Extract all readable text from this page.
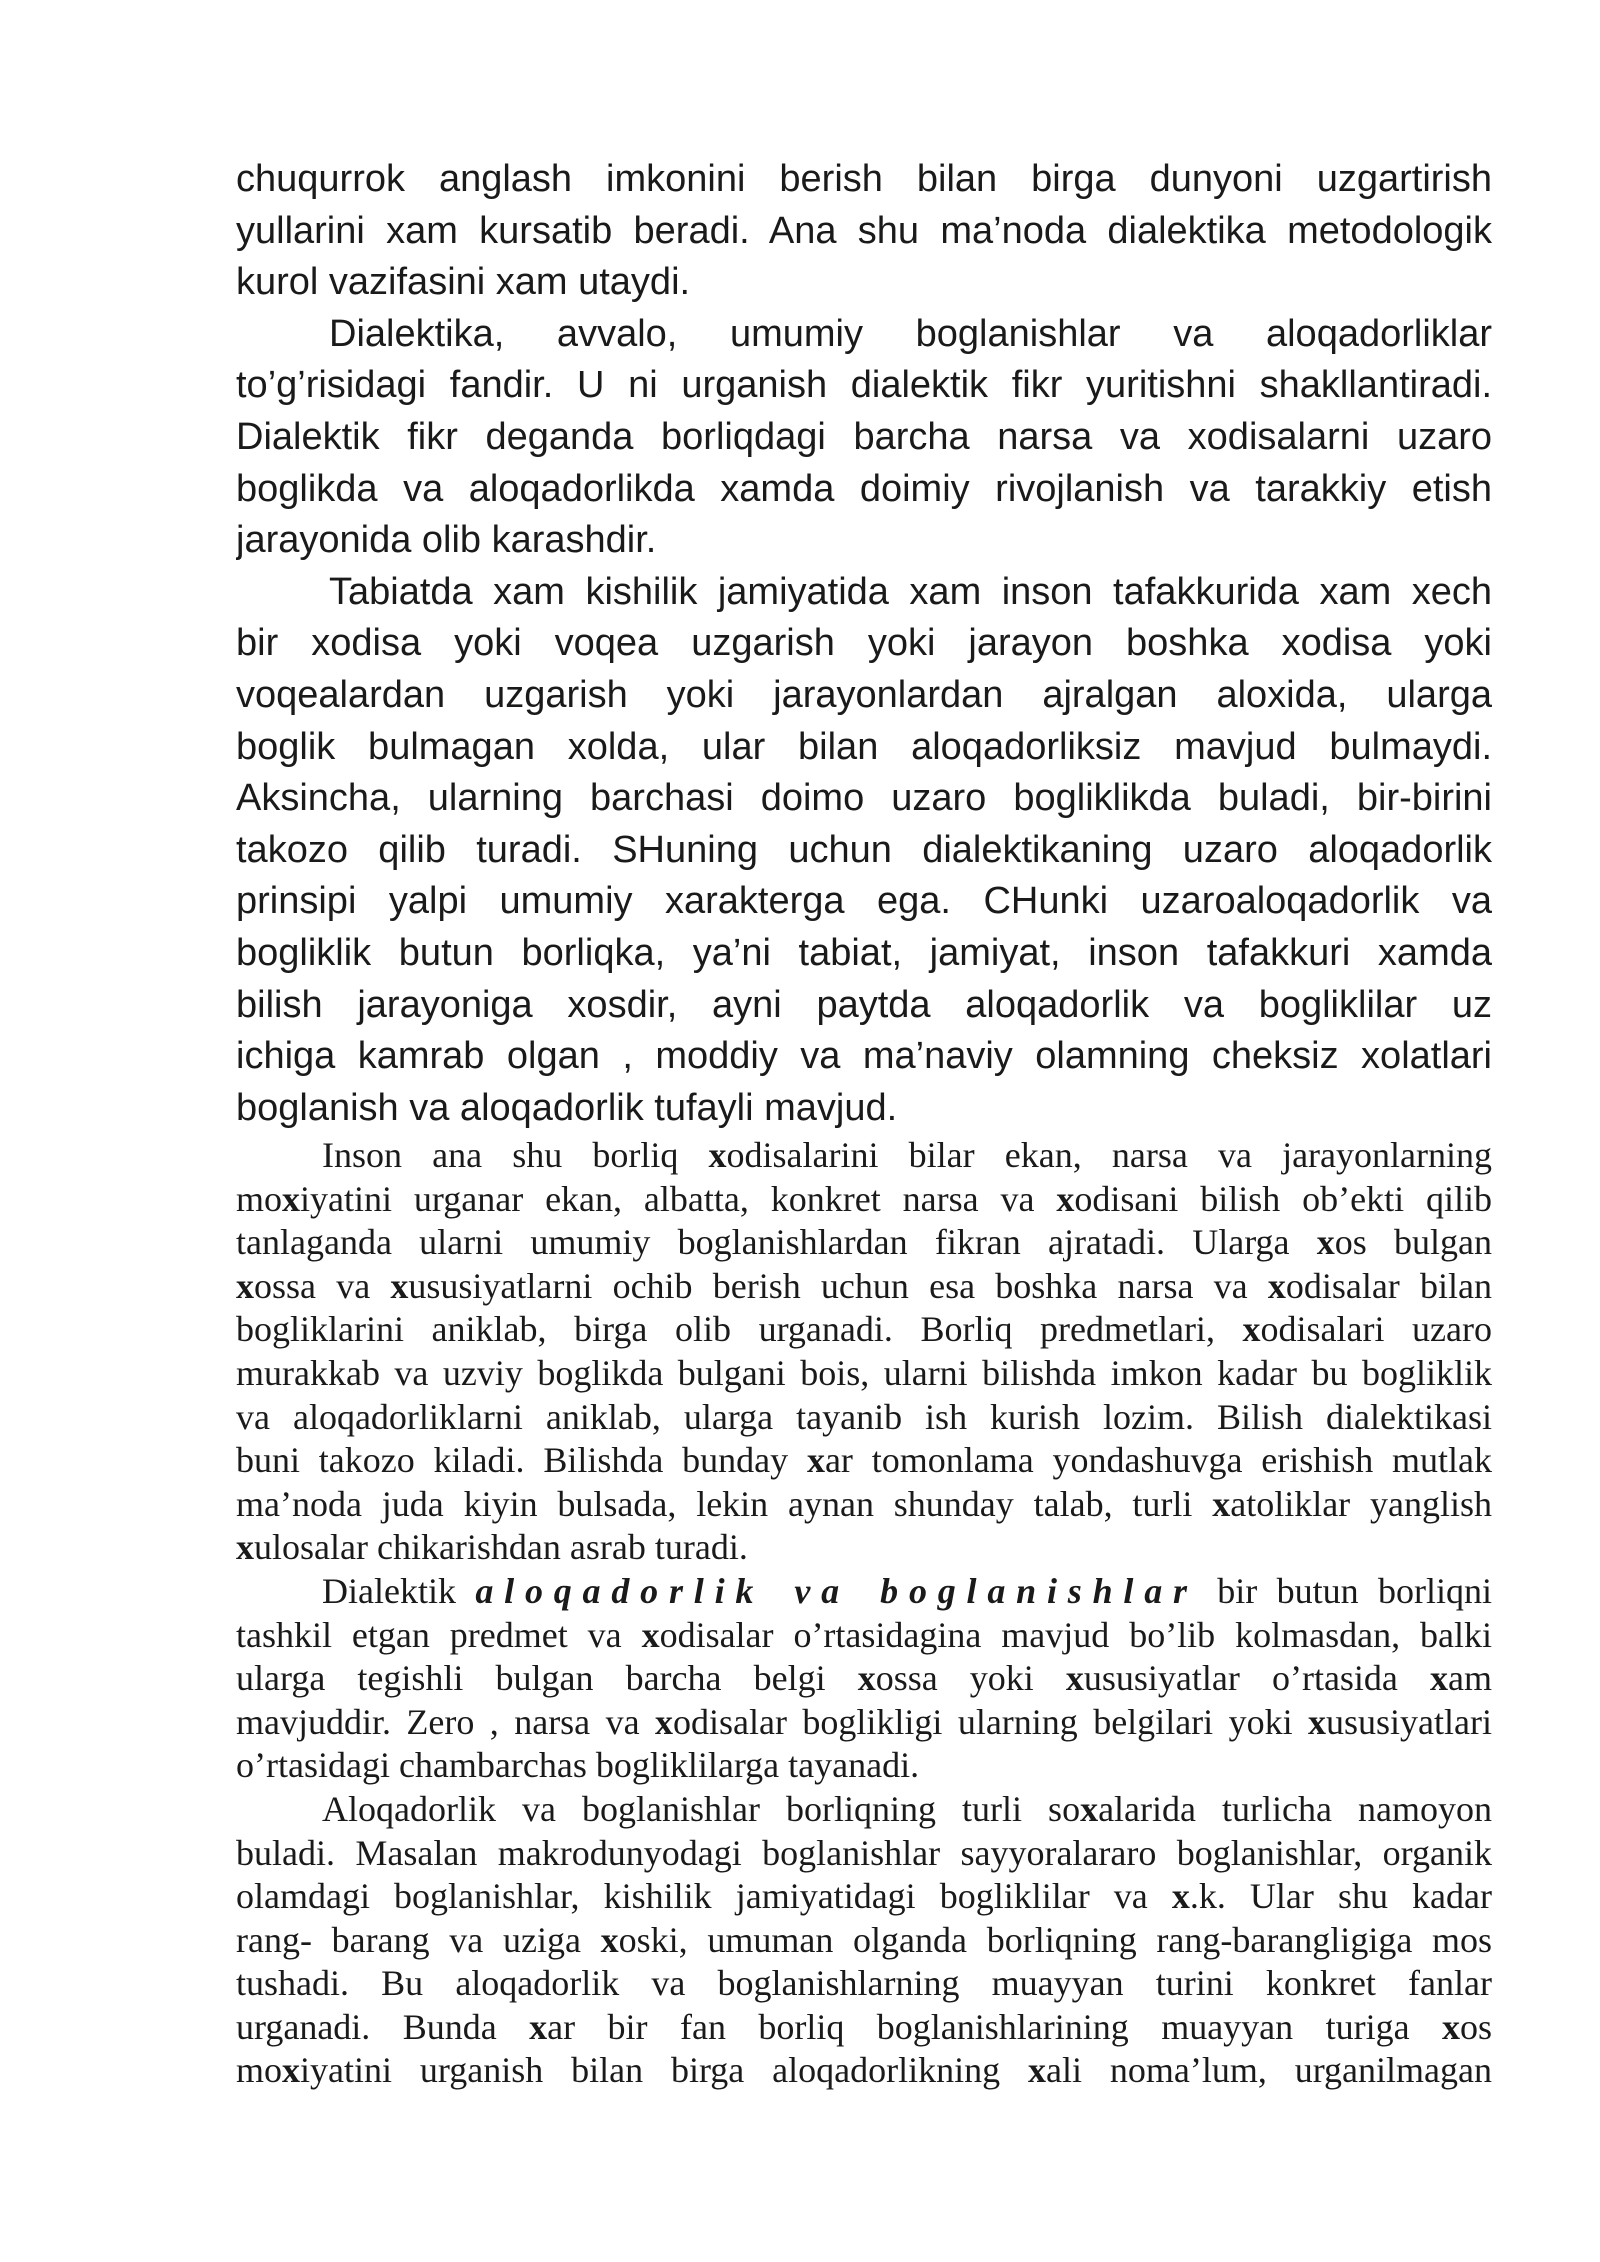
chuqurrok anglash imkonini berish bilan birga dunyoni uzgartirish
yullarini xam kursatib beradi. Ana shu ma’noda dialektika metodologik
kurol vazifasini xam utaydi.
Dialektika, avvalo, umumiy boglanishlar va aloqadorliklar
to’g’risidagi fandir. U ni urganish dialektik fikr yuritishni shakllantiradi.
Dialektik fikr deganda borliqdagi barcha narsa va xodisalarni uzaro
boglikda va aloqadorlikda xamda doimiy rivojlanish va tarakkiy etish
jarayonida olib karashdir.
Tabiatda xam kishilik jamiyatida xam inson tafakkurida xam xech
bir xodisa yoki voqea uzgarish yoki jarayon boshka xodisa yoki
voqealardan uzgarish yoki jarayonlardan ajralgan aloxida, ularga
boglik bulmagan xolda, ular bilan aloqadorliksiz mavjud bulmaydi.
Aksincha, ularning barchasi doimo uzaro bogliklikda buladi, bir-birini
takozo qilib turadi. SHuning uchun dialektikaning uzaro aloqadorlik
prinsipi yalpi umumiy xarakterga ega. CHunki uzaroaloqadorlik va
bogliklik butun borliqka, ya’ni tabiat, jamiyat, inson tafakkuri xamda
bilish jarayoniga xosdir, ayni paytda aloqadorlik va bogliklilar uz
ichiga kamrab olgan , moddiy va ma’naviy olamning cheksiz xolatlari
boglanish va aloqadorlik tufayli mavjud.
Inson ana shu borliq xodisalarini bilar ekan, narsa va jarayonlarning
moxiyatini urganar ekan, albatta, konkret narsa va xodisani bilish ob’ekti qilib
tanlaganda ularni umumiy boglanishlardan fikran ajratadi. Ularga xos bulgan
xossa va xususiyatlarni ochib berish uchun esa boshka narsa va xodisalar bilan
bogliklarini aniklab, birga olib urganadi. Borliq predmetlari, xodisalari uzaro
murakkab va uzviy boglikda bulgani bois, ularni bilishda imkon kadar bu bogliklik
va aloqadorliklarni aniklab, ularga tayanib ish kurish lozim. Bilish dialektikasi
buni takozo kiladi. Bilishda bunday xar tomonlama yondashuvga erishish mutlak
ma’noda juda kiyin bulsada, lekin aynan shunday talab, turli xatoliklar yanglish
xulosalar chikarishdan asrab turadi.
Dialektik aloqadorlik va boglanishlar bir butun borliqni
tashkil etgan predmet va xodisalar o’rtasidagina mavjud bo’lib kolmasdan, balki
ularga tegishli bulgan barcha belgi xossa yoki xususiyatlar o’rtasida xam
mavjuddir. Zero , narsa va xodisalar boglikligi ularning belgilari yoki xususiyatlari
o’rtasidagi chambarchas bogliklilarga tayanadi.
Aloqadorlik va boglanishlar borliqning turli soxalarida turlicha namoyon
buladi. Masalan makrodunyodagi boglanishlar sayyoralararo boglanishlar, organik
olamdagi boglanishlar, kishilik jamiyatidagi bogliklilar va x.k. Ular shu kadar
rang- barang va uziga xoski, umuman olganda borliqning rang-barangligiga mos
tushadi. Bu aloqadorlik va boglanishlarning muayyan turini konkret fanlar
urganadi. Bunda xar bir fan borliq boglanishlarining muayyan turiga xos
moxiyatini urganish bilan birga aloqadorlikning xali noma’lum, urganilmagan
